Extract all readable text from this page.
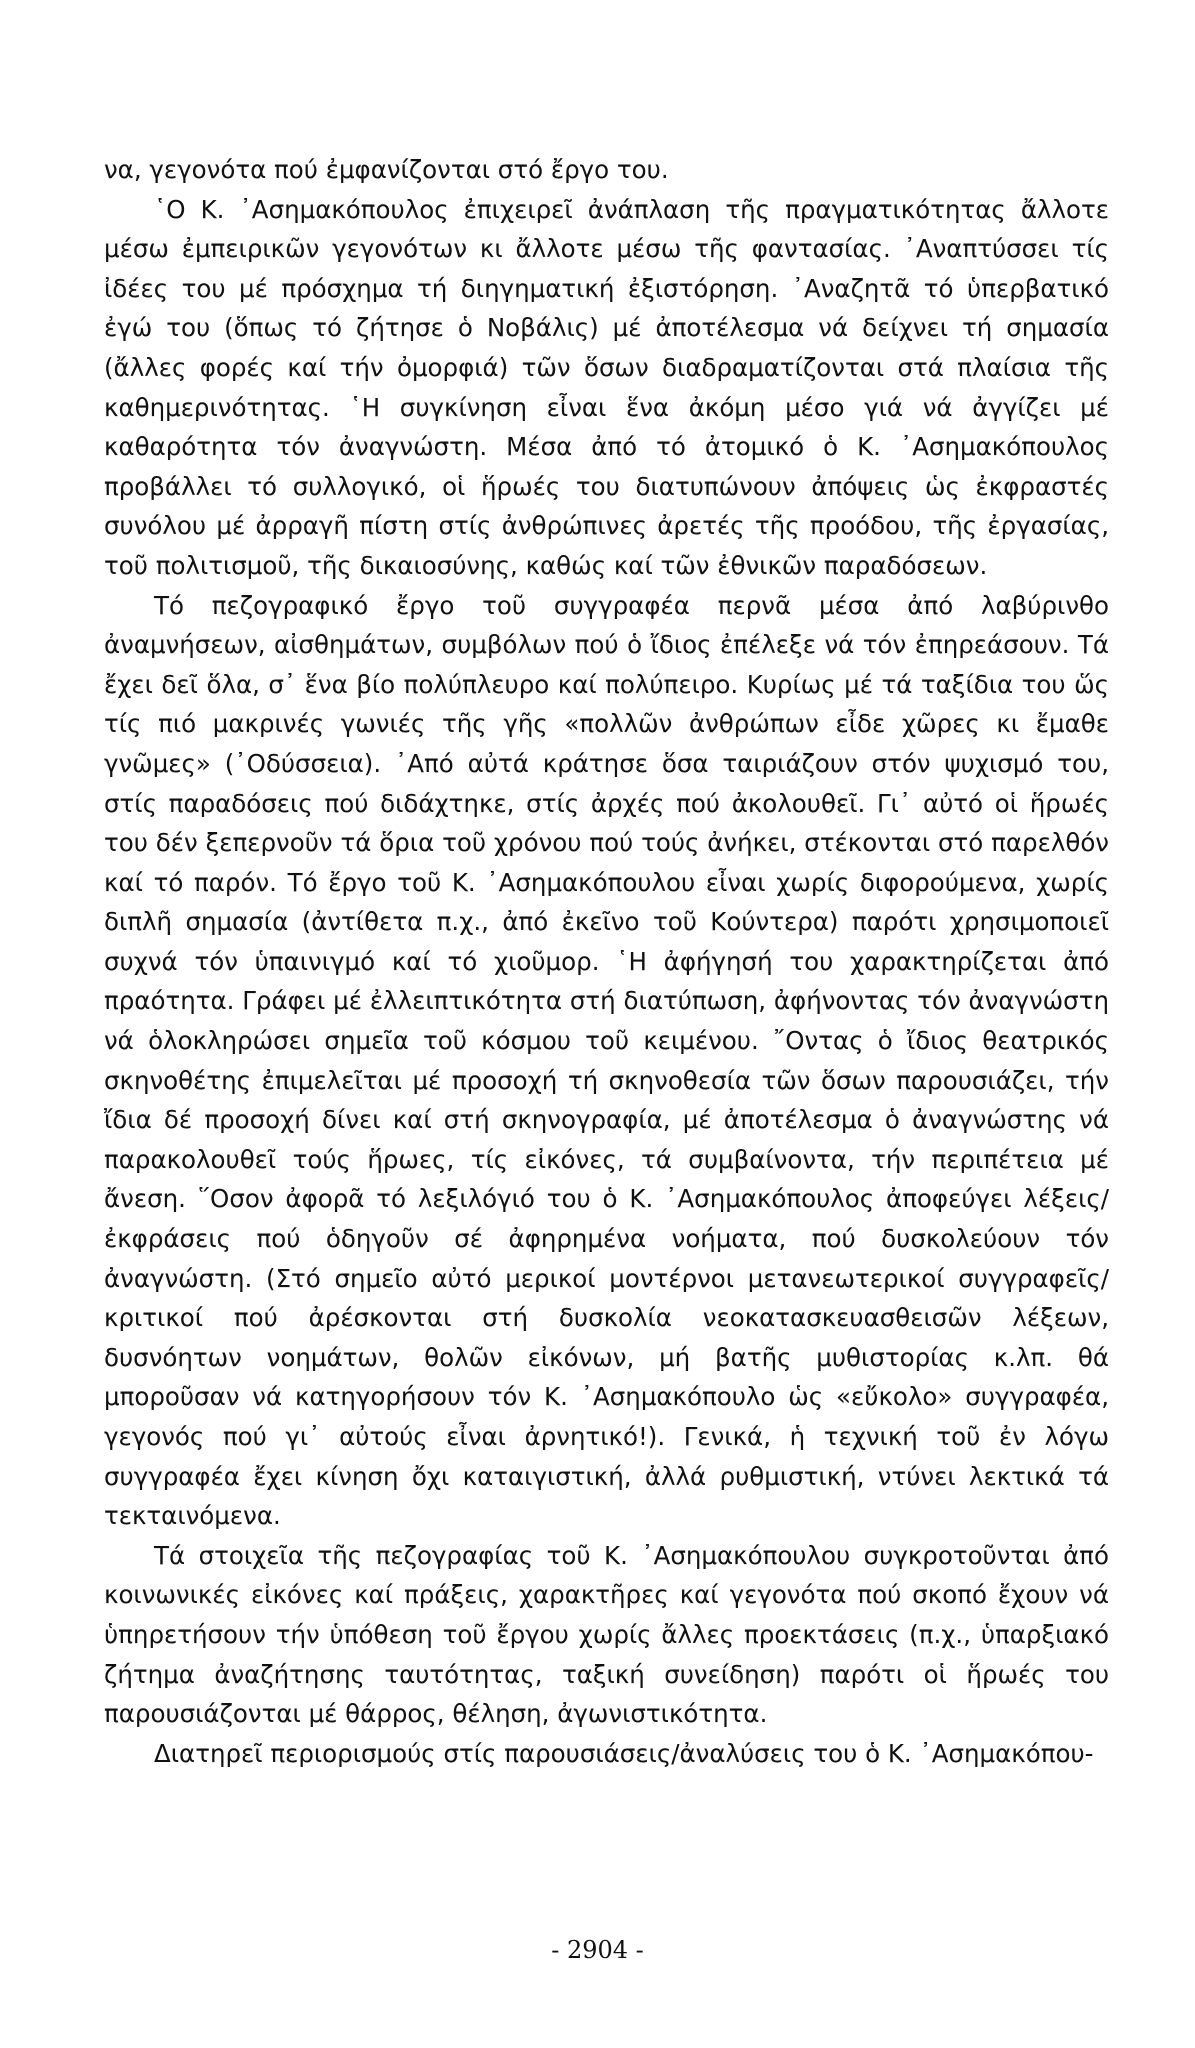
να, γεγονότα πού ἐμφανίζονται στό ἔργο του.

῾Ο Κ. ᾿Ασημακόπουλος ἐπιχειρεῖ ἀνάπλαση τῆς πραγματικότητας ἄλλοτε μέσω ἐμπειρικῶν γεγονότων κι ἄλλοτε μέσω τῆς φαντασίας. ᾿Αναπτύσσει τίς ἰδέες του μέ πρόσχημα τή διηγηματική ἐξιστόρηση. ᾿Αναζητᾶ τό ὑπερβατικό ἐγώ του (ὅπως τό ζήτησε ὁ Νοβάλις) μέ ἀποτέλεσμα νά δείχνει τή σημασία (ἄλλες φορές καί τήν ὀμορφιά) τῶν ὅσων διαδραματίζονται στά πλαίσια τῆς καθημερινότητας. ῾Η συγκίνηση εἶναι ἕνα ἀκόμη μέσο γιά νά ἀγγίζει μέ καθαρότητα τόν ἀναγνώστη. Μέσα ἀπό τό ἀτομικό ὁ Κ. ᾿Ασημακόπουλος προβάλλει τό συλλογικό, οἱ ἥρωές του διατυπώνουν ἀπόψεις ὡς ἐκφραστές συνόλου μέ ἀρραγῆ πίστη στίς ἀνθρώπινες ἀρετές τῆς προόδου, τῆς ἐργασίας, τοῦ πολιτισμοῦ, τῆς δικαιοσύνης, καθώς καί τῶν ἐθνικῶν παραδόσεων.

Τό πεζογραφικό ἔργο τοῦ συγγραφέα περνᾶ μέσα ἀπό λαβύρινθο ἀναμνήσεων, αἰσθημάτων, συμβόλων πού ὁ ἴδιος ἐπέλεξε νά τόν ἐπηρεάσουν. Τά ἔχει δεῖ ὅλα, σ᾿ ἕνα βίο πολύπλευρο καί πολύπειρο. Κυρίως μέ τά ταξίδια του ὥς τίς πιό μακρινές γωνιές τῆς γῆς «πολλῶν ἀνθρώπων εἶδε χῶρες κι ἔμαθε γνῶμες» (᾿Οδύσσεια). ᾿Από αὐτά κράτησε ὅσα ταιριάζουν στόν ψυχισμό του, στίς παραδόσεις πού διδάχτηκε, στίς ἀρχές πού ἀκολουθεῖ. Γι᾿ αὐτό οἱ ἥρωές του δέν ξεπερνοῦν τά ὅρια τοῦ χρόνου πού τούς ἀνήκει, στέκονται στό παρελθόν καί τό παρόν. Τό ἔργο τοῦ Κ. ᾿Ασημακόπουλου εἶναι χωρίς διφορούμενα, χωρίς διπλῆ σημασία (ἀντίθετα π.χ., ἀπό ἐκεῖνο τοῦ Κούντερα) παρότι χρησιμοποιεῖ συχνά τόν ὑπαινιγμό καί τό χιοῦμορ. ῾Η ἀφήγησή του χαρακτηρίζεται ἀπό πραότητα. Γράφει μέ ἐλλειπτικότητα στή διατύπωση, ἀφήνοντας τόν ἀναγνώστη νά ὁλοκληρώσει σημεῖα τοῦ κόσμου τοῦ κειμένου. ῎Οντας ὁ ἴδιος θεατρικός σκηνοθέτης ἐπιμελεῖται μέ προσοχή τή σκηνοθεσία τῶν ὅσων παρουσιάζει, τήν ἴδια δέ προσοχή δίνει καί στή σκηνογραφία, μέ ἀποτέλεσμα ὁ ἀναγνώστης νά παρακολουθεῖ τούς ἥρωες, τίς εἰκόνες, τά συμβαίνοντα, τήν περιπέτεια μέ ἄνεση. ῞Οσον ἀφορᾶ τό λεξιλόγιό του ὁ Κ. ᾿Ασημακόπουλος ἀποφεύγει λέξεις/ἐκφράσεις πού ὁδηγοῦν σέ ἀφηρημένα νοήματα, πού δυσκολεύουν τόν ἀναγνώστη. (Στό σημεῖο αὐτό μερικοί μοντέρνοι μετανεωτερικοί συγγραφεῖς/κριτικοί πού ἀρέσκονται στή δυσκολία νεοκατασκευασθεισῶν λέξεων, δυσνόητων νοημάτων, θολῶν εἰκόνων, μή βατῆς μυθιστορίας κ.λπ. θά μποροῦσαν νά κατηγορήσουν τόν Κ. ᾿Ασημακόπουλο ὡς «εὔκολο» συγγραφέα, γεγονός πού γι᾿ αὐτούς εἶναι ἀρνητικό!). Γενικά, ἡ τεχνική τοῦ ἐν λόγω συγγραφέα ἔχει κίνηση ὄχι καταιγιστική, ἀλλά ρυθμιστική, ντύνει λεκτικά τά τεκταινόμενα.

Τά στοιχεῖα τῆς πεζογραφίας τοῦ Κ. ᾿Ασημακόπουλου συγκροτοῦνται ἀπό κοινωνικές εἰκόνες καί πράξεις, χαρακτῆρες καί γεγονότα πού σκοπό ἔχουν νά ὑπηρετήσουν τήν ὑπόθεση τοῦ ἔργου χωρίς ἄλλες προεκτάσεις (π.χ., ὑπαρξιακό ζήτημα ἀναζήτησης ταυτότητας, ταξική συνείδηση) παρότι οἱ ἥρωές του παρουσιάζονται μέ θάρρος, θέληση, ἀγωνιστικότητα.

Διατηρεῖ περιορισμούς στίς παρουσιάσεις/ἀναλύσεις του ὁ Κ. ᾿Ασημακόπου-

- 2904 -
